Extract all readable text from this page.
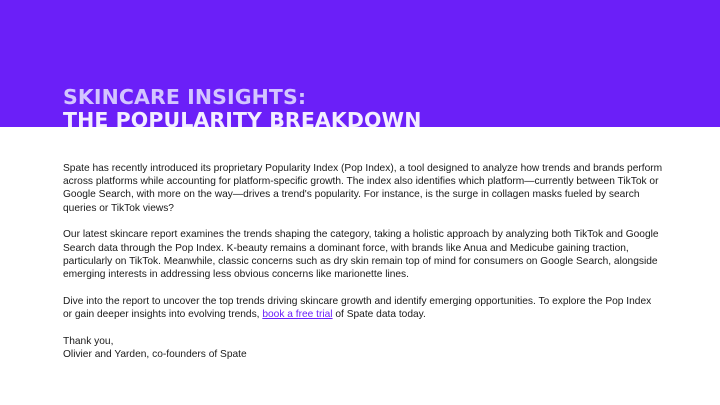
SKINCARE INSIGHTS:
THE POPULARITY BREAKDOWN

Spate has recently introduced its proprietary Popularity Index (Pop Index), a tool designed to analyze how trends and brands perform across platforms while accounting for platform-specific growth. The index also identifies which platform—currently between TikTok or Google Search, with more on the way—drives a trend's popularity. For instance, is the surge in collagen masks fueled by search queries or TikTok views?

Our latest skincare report examines the trends shaping the category, taking a holistic approach by analyzing both TikTok and Google Search data through the Pop Index. K-beauty remains a dominant force, with brands like Anua and Medicube gaining traction, particularly on TikTok. Meanwhile, classic concerns such as dry skin remain top of mind for consumers on Google Search, alongside emerging interests in addressing less obvious concerns like marionette lines.

Dive into the report to uncover the top trends driving skincare growth and identify emerging opportunities. To explore the Pop Index or gain deeper insights into evolving trends, book a free trial of Spate data today.

Thank you,
Olivier and Yarden, co-founders of Spate
